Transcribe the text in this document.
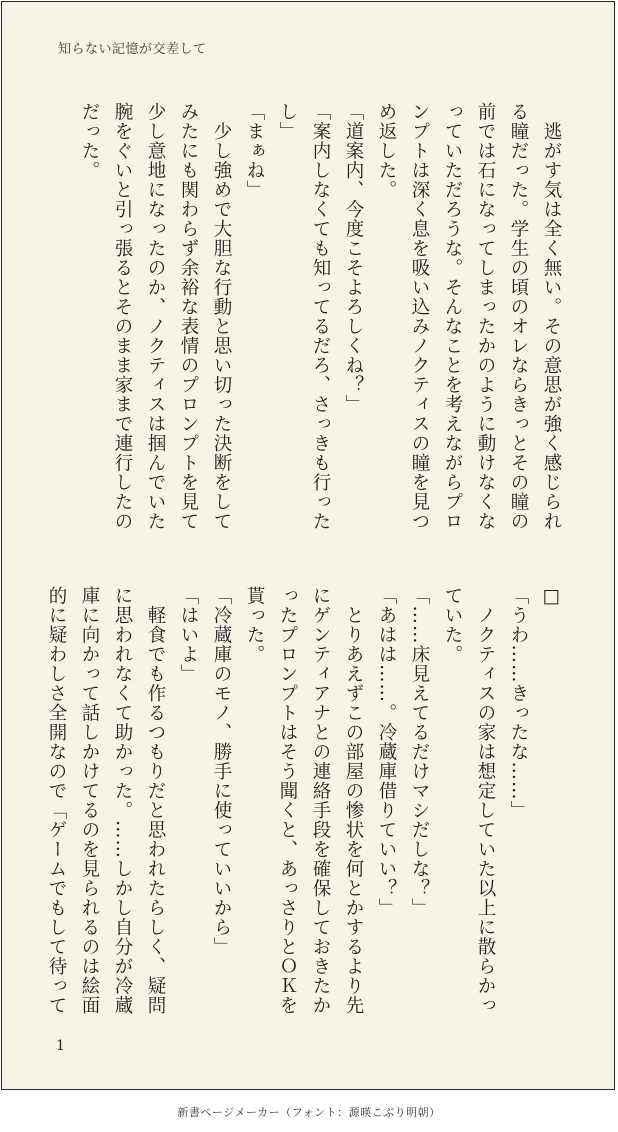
知らない記憶が交差して
　逃がす気は全く無い。その意思が強く感じられ
る瞳だった。学生の頃のオレならきっとその瞳の
前では石になってしまったかのように動けなくな
っていただろうな。そんなことを考えながらプロ
ンプトは深く息を吸い込みノクティスの瞳を見つ
め返した。
「道案内、今度こそよろしくね？」
「案内しなくても知ってるだろ、さっきも行った
し」
「まぁね」
　少し強めで大胆な行動と思い切った決断をして
みたにも関わらず余裕な表情のプロンプトを見て
少し意地になったのか、ノクティスは掴んでいた
腕をぐいと引っ張るとそのまま家まで連行したの
だった。
□
「うわ……きったな……」
　ノクティスの家は想定していた以上に散らかっ
ていた。
「……床見えてるだけマシだしな？」
「あはは……。冷蔵庫借りていい？」
　とりあえずこの部屋の惨状を何とかするより先
にゲンティアナとの連絡手段を確保しておきたか
ったプロンプトはそう聞くと、あっさりとＯＫを
貰った。
「冷蔵庫のモノ、勝手に使っていいから」
「はいよ」
　軽食でも作るつもりだと思われたらしく、疑問
に思われなくて助かった。……しかし自分が冷蔵
庫に向かって話しかけてるのを見られるのは絵面
的に疑わしさ全開なので「ゲームでもして待って
1
新書ページメーカー（フォント：源暎こぶり明朝）
